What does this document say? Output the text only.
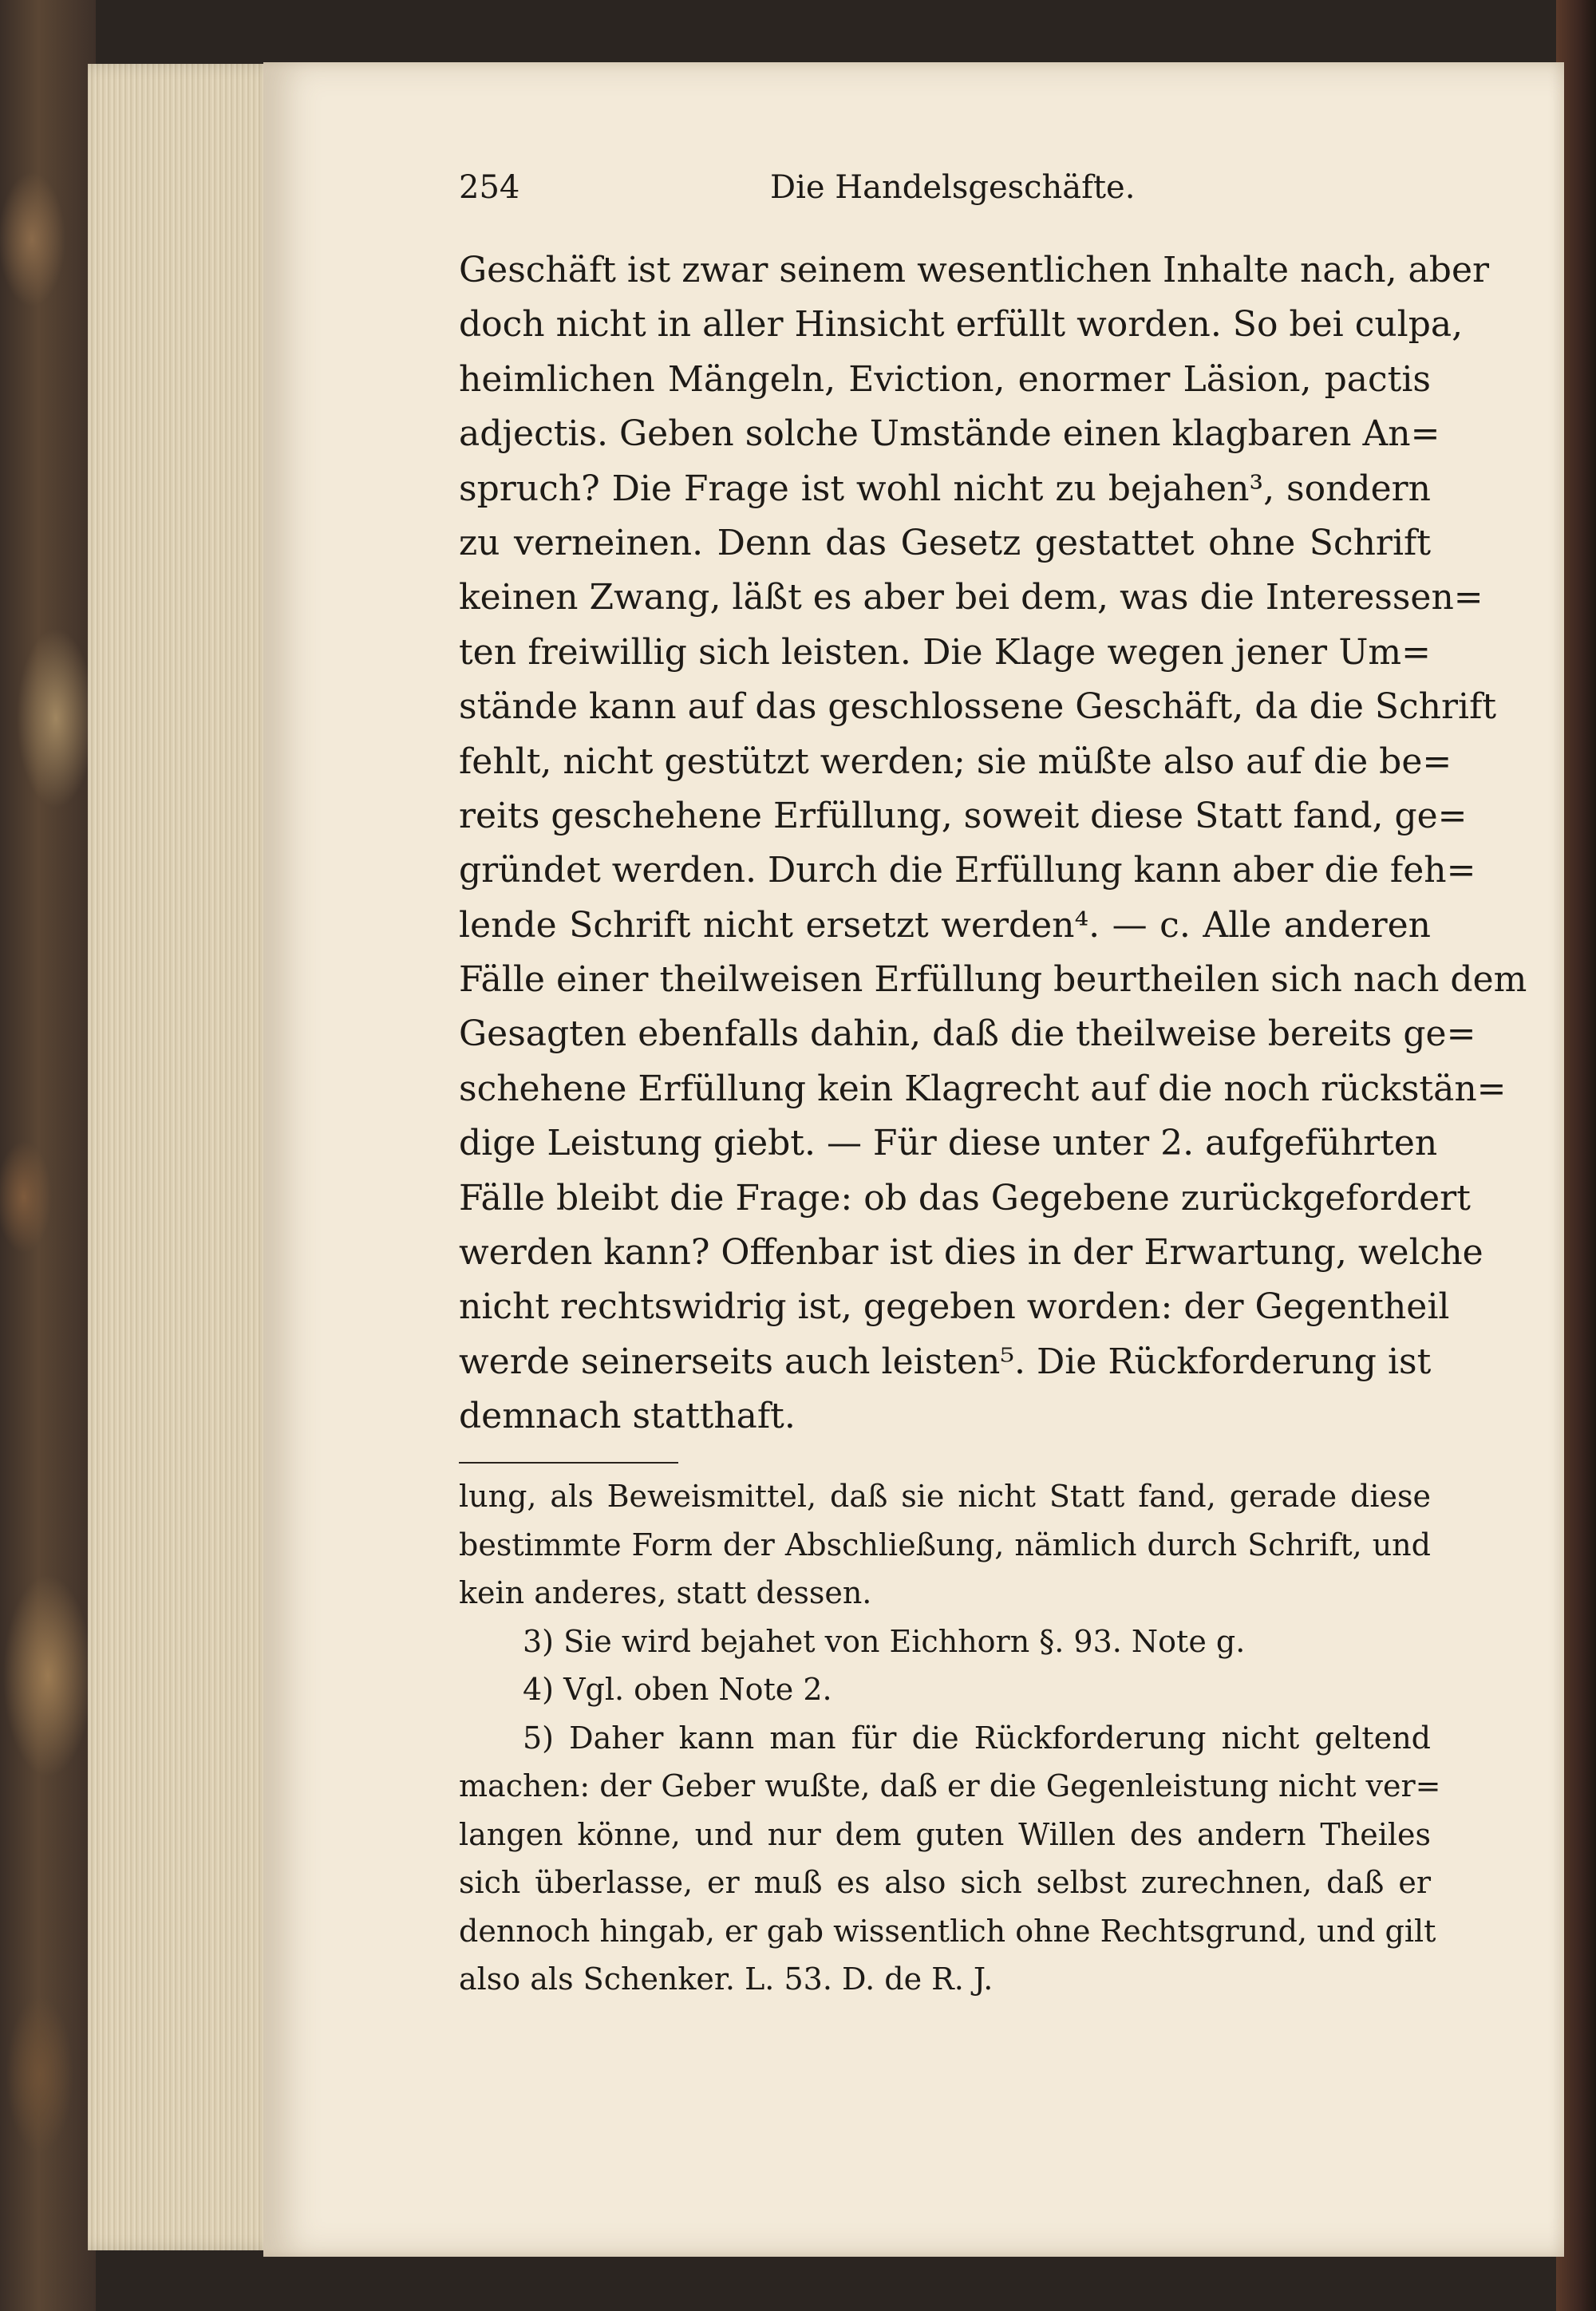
254	Die Handelsgeschäfte.
Geschäft ist zwar seinem wesentlichen Inhalte nach, aber
doch nicht in aller Hinsicht erfüllt worden. So bei culpa,
heimlichen Mängeln, Eviction, enormer Läsion, pactis
adjectis. Geben solche Umstände einen klagbaren An=
spruch? Die Frage ist wohl nicht zu bejahen³, sondern
zu verneinen. Denn das Gesetz gestattet ohne Schrift
keinen Zwang, läßt es aber bei dem, was die Interessen=
ten freiwillig sich leisten. Die Klage wegen jener Um=
stände kann auf das geschlossene Geschäft, da die Schrift
fehlt, nicht gestützt werden; sie müßte also auf die be=
reits geschehene Erfüllung, soweit diese Statt fand, ge=
gründet werden. Durch die Erfüllung kann aber die feh=
lende Schrift nicht ersetzt werden⁴. — c. Alle anderen
Fälle einer theilweisen Erfüllung beurtheilen sich nach dem
Gesagten ebenfalls dahin, daß die theilweise bereits ge=
schehene Erfüllung kein Klagrecht auf die noch rückstän=
dige Leistung giebt. — Für diese unter 2. aufgeführten
Fälle bleibt die Frage: ob das Gegebene zurückgefordert
werden kann? Offenbar ist dies in der Erwartung, welche
nicht rechtswidrig ist, gegeben worden: der Gegentheil
werde seinerseits auch leisten⁵. Die Rückforderung ist
demnach statthaft.
lung, als Beweismittel, daß sie nicht Statt fand, gerade diese
bestimmte Form der Abschließung, nämlich durch Schrift, und
kein anderes, statt dessen.
3) Sie wird bejahet von Eichhorn §. 93. Note g.
4) Vgl. oben Note 2.
5) Daher kann man für die Rückforderung nicht geltend
machen: der Geber wußte, daß er die Gegenleistung nicht ver=
langen könne, und nur dem guten Willen des andern Theiles
sich überlasse, er muß es also sich selbst zurechnen, daß er
dennoch hingab, er gab wissentlich ohne Rechtsgrund, und gilt
also als Schenker. L. 53. D. de R. J.
